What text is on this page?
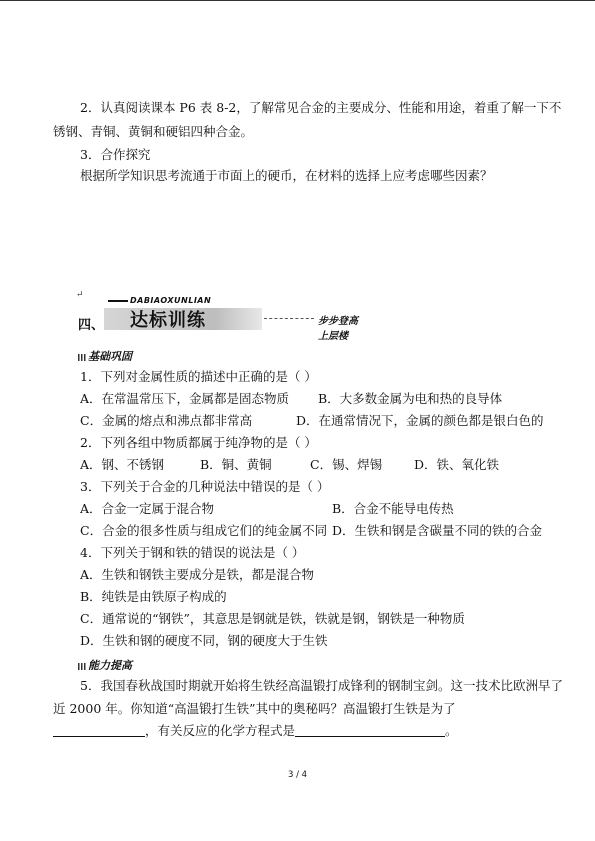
2．认真阅读课本 P6 表 8-2，了解常见合金的主要成分、性能和用途，着重了解一下不
锈钢、青铜、黄铜和硬铝四种合金。
3．合作探究
根据所学知识思考流通于市面上的硬币，在材料的选择上应考虑哪些因素？
↵
四、
DABIAOXUNLIAN
达标训练	步步登高上层楼
基础巩固
1．下列对金属性质的描述中正确的是（ ）
A．在常温常压下，金属都是固态物质 B．大多数金属为电和热的良导体
C．金属的熔点和沸点都非常高	D．在通常情况下，金属的颜色都是银白色的
2．下列各组中物质都属于纯净物的是（ ）
A．钢、不锈钢	B．铜、黄铜	C．锡、焊锡	D．铁、氧化铁
3．下列关于合金的几种说法中错误的是（ ）
A．合金一定属于混合物	B．合金不能导电传热
C．合金的很多性质与组成它们的纯金属不同 D．生铁和钢是含碳量不同的铁的合金
4．下列关于钢和铁的错误的说法是（ ）
A．生铁和钢铁主要成分是铁，都是混合物
B．纯铁是由铁原子构成的
C．通常说的“钢铁”，其意思是钢就是铁，铁就是钢，钢铁是一种物质
D．生铁和钢的硬度不同，钢的硬度大于生铁
能力提高
5．我国春秋战国时期就开始将生铁经高温锻打成锋利的钢制宝剑。这一技术比欧洲早了
近 2000 年。你知道“高温锻打生铁”其中的奥秘吗？高温锻打生铁是为了
，有关反应的化学方程式是	。
3 / 4
